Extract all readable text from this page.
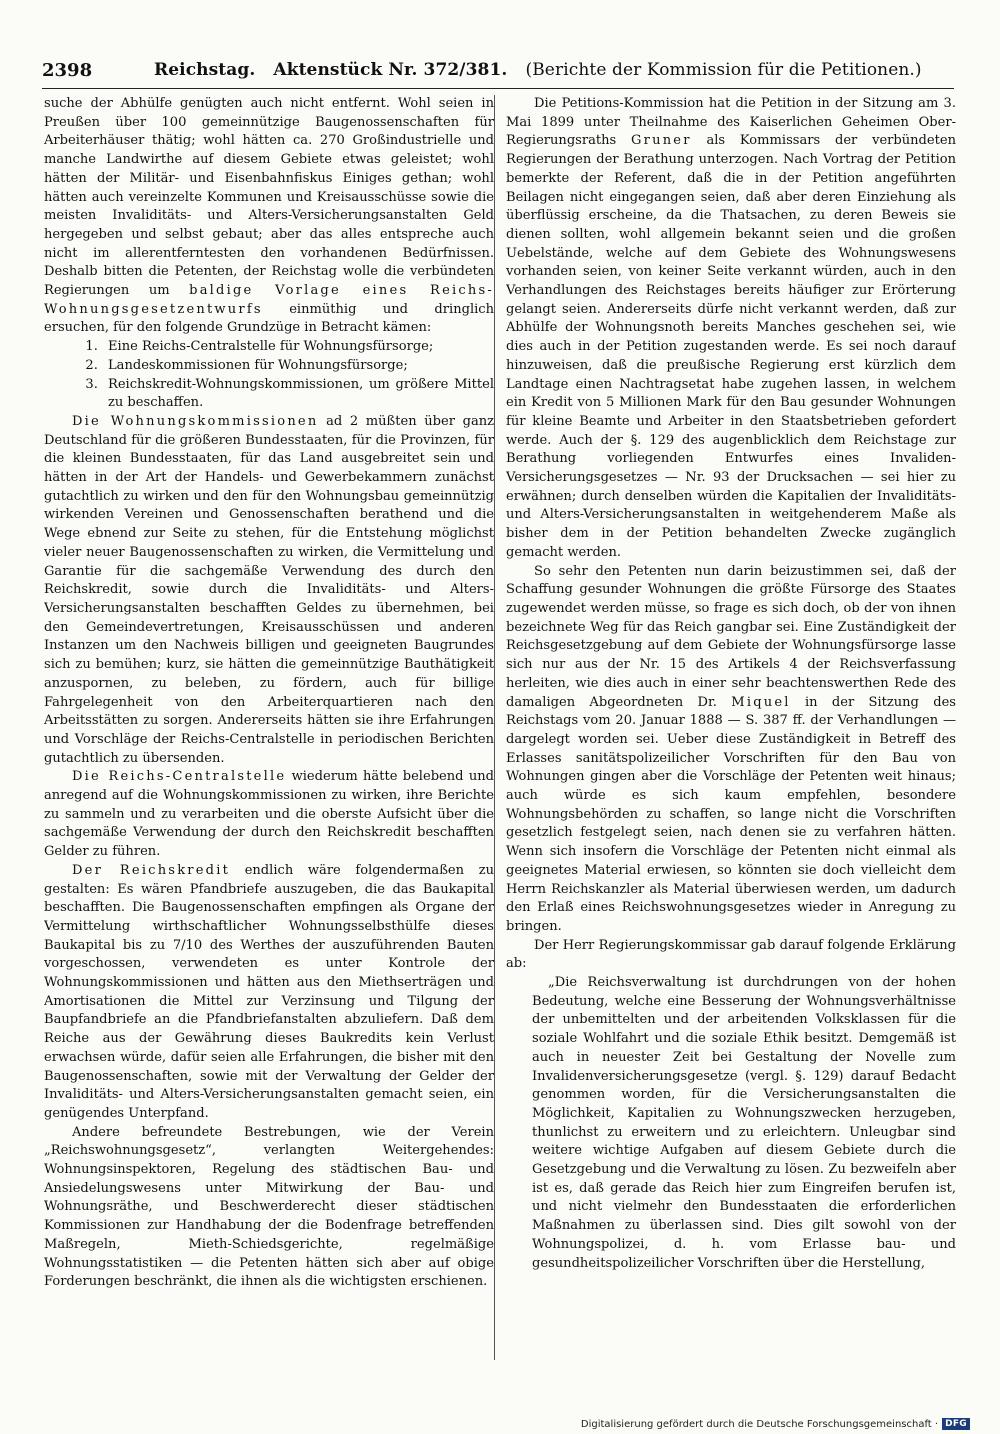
2398	Reichstag. Aktenstück Nr. 372/381. (Berichte der Kommission für die Petitionen.)

suche der Abhülfe genügten auch nicht entfernt. Wohl seien in Preußen über 100 gemeinnützige Baugenossenschaften für Arbeiterhäuser thätig; wohl hätten ca. 270 Großindustrielle und manche Landwirthe auf diesem Gebiete etwas geleistet; wohl hätten der Militär- und Eisenbahnfiskus Einiges gethan; wohl hätten auch vereinzelte Kommunen und Kreisausschüsse sowie die meisten Invaliditäts- und Alters-Versicherungsanstalten Geld hergegeben und selbst gebaut; aber das alles entspreche auch nicht im allerentferntesten den vorhandenen Bedürfnissen. Deshalb bitten die Petenten, der Reichstag wolle die verbündeten Regierungen um baldige Vorlage eines Reichs-Wohnungsgesetzentwurfs einmüthig und dringlich ersuchen, für den folgende Grundzüge in Betracht kämen:

1. Eine Reichs-Centralstelle für Wohnungsfürsorge;
2. Landeskommissionen für Wohnungsfürsorge;
3. Reichskredit-Wohnungskommissionen, um größere Mittel zu beschaffen.

Die Wohnungskommissionen ad 2 müßten über ganz Deutschland für die größeren Bundesstaaten, für die Provinzen, für die kleinen Bundesstaaten, für das Land ausgebreitet sein und hätten in der Art der Handels- und Gewerbekammern zunächst gutachtlich zu wirken und den für den Wohnungsbau gemeinnützig wirkenden Vereinen und Genossenschaften berathend und die Wege ebnend zur Seite zu stehen, für die Entstehung möglichst vieler neuer Baugenossenschaften zu wirken, die Vermittelung und Garantie für die sachgemäße Verwendung des durch den Reichskredit, sowie durch die Invaliditäts- und Alters-Versicherungsanstalten beschafften Geldes zu übernehmen, bei den Gemeindevertretungen, Kreisausschüssen und anderen Instanzen um den Nachweis billigen und geeigneten Baugrundes sich zu bemühen; kurz, sie hätten die gemeinnützige Bauthätigkeit anzuspornen, zu beleben, zu fördern, auch für billige Fahrgelegenheit von den Arbeiterquartieren nach den Arbeitsstätten zu sorgen. Andererseits hätten sie ihre Erfahrungen und Vorschläge der Reichs-Centralstelle in periodischen Berichten gutachtlich zu übersenden.

Die Reichs-Centralstelle wiederum hätte belebend und anregend auf die Wohnungskommissionen zu wirken, ihre Berichte zu sammeln und zu verarbeiten und die oberste Aufsicht über die sachgemäße Verwendung der durch den Reichskredit beschafften Gelder zu führen.

Der Reichskredit endlich wäre folgendermaßen zu gestalten: Es wären Pfandbriefe auszugeben, die das Baukapital beschafften. Die Baugenossenschaften empfingen als Organe der Vermittelung wirthschaftlicher Wohnungsselbsthülfe dieses Baukapital bis zu 7/10 des Werthes der auszuführenden Bauten vorgeschossen, verwendeten es unter Kontrole der Wohnungskommissionen und hätten aus den Miethserträgen und Amortisationen die Mittel zur Verzinsung und Tilgung der Baupfandbriefe an die Pfandbriefanstalten abzuliefern. Daß dem Reiche aus der Gewährung dieses Baukredits kein Verlust erwachsen würde, dafür seien alle Erfahrungen, die bisher mit den Baugenossenschaften, sowie mit der Verwaltung der Gelder der Invaliditäts- und Alters-Versicherungsanstalten gemacht seien, ein genügendes Unterpfand.

Andere befreundete Bestrebungen, wie der Verein „Reichswohnungsgesetz“, verlangten Weitergehendes: Wohnungsinspektoren, Regelung des städtischen Bau- und Ansiedelungswesens unter Mitwirkung der Bau- und Wohnungsräthe, und Beschwerderecht dieser städtischen Kommissionen zur Handhabung der die Bodenfrage betreffenden Maßregeln, Mieth-Schiedsgerichte, regelmäßige Wohnungsstatistiken — die Petenten hätten sich aber auf obige Forderungen beschränkt, die ihnen als die wichtigsten erschienen.

Die Petitions-Kommission hat die Petition in der Sitzung am 3. Mai 1899 unter Theilnahme des Kaiserlichen Geheimen Ober-Regierungsraths Gruner als Kommissars der verbündeten Regierungen der Berathung unterzogen. Nach Vortrag der Petition bemerkte der Referent, daß die in der Petition angeführten Beilagen nicht eingegangen seien, daß aber deren Einziehung als überflüssig erscheine, da die Thatsachen, zu deren Beweis sie dienen sollten, wohl allgemein bekannt seien und die großen Uebelstände, welche auf dem Gebiete des Wohnungswesens vorhanden seien, von keiner Seite verkannt würden, auch in den Verhandlungen des Reichstages bereits häufiger zur Erörterung gelangt seien. Andererseits dürfe nicht verkannt werden, daß zur Abhülfe der Wohnungsnoth bereits Manches geschehen sei, wie dies auch in der Petition zugestanden werde. Es sei noch darauf hinzuweisen, daß die preußische Regierung erst kürzlich dem Landtage einen Nachtragsetat habe zugehen lassen, in welchem ein Kredit von 5 Millionen Mark für den Bau gesunder Wohnungen für kleine Beamte und Arbeiter in den Staatsbetrieben gefordert werde. Auch der §. 129 des augenblicklich dem Reichstage zur Berathung vorliegenden Entwurfes eines Invaliden-Versicherungsgesetzes — Nr. 93 der Drucksachen — sei hier zu erwähnen; durch denselben würden die Kapitalien der Invaliditäts- und Alters-Versicherungsanstalten in weitgehenderem Maße als bisher dem in der Petition behandelten Zwecke zugänglich gemacht werden.

So sehr den Petenten nun darin beizustimmen sei, daß der Schaffung gesunder Wohnungen die größte Fürsorge des Staates zugewendet werden müsse, so frage es sich doch, ob der von ihnen bezeichnete Weg für das Reich gangbar sei. Eine Zuständigkeit der Reichsgesetzgebung auf dem Gebiete der Wohnungsfürsorge lasse sich nur aus der Nr. 15 des Artikels 4 der Reichsverfassung herleiten, wie dies auch in einer sehr beachtenswerthen Rede des damaligen Abgeordneten Dr. Miquel in der Sitzung des Reichstags vom 20. Januar 1888 — S. 387 ff. der Verhandlungen — dargelegt worden sei. Ueber diese Zuständigkeit in Betreff des Erlasses sanitätspolizeilicher Vorschriften für den Bau von Wohnungen gingen aber die Vorschläge der Petenten weit hinaus; auch würde es sich kaum empfehlen, besondere Wohnungsbehörden zu schaffen, so lange nicht die Vorschriften gesetzlich festgelegt seien, nach denen sie zu verfahren hätten. Wenn sich insofern die Vorschläge der Petenten nicht einmal als geeignetes Material erwiesen, so könnten sie doch vielleicht dem Herrn Reichskanzler als Material überwiesen werden, um dadurch den Erlaß eines Reichswohnungsgesetzes wieder in Anregung zu bringen.

Der Herr Regierungskommissar gab darauf folgende Erklärung ab:

„Die Reichsverwaltung ist durchdrungen von der hohen Bedeutung, welche eine Besserung der Wohnungsverhältnisse der unbemittelten und der arbeitenden Volksklassen für die soziale Wohlfahrt und die soziale Ethik besitzt. Demgemäß ist auch in neuester Zeit bei Gestaltung der Novelle zum Invalidenversicherungsgesetze (vergl. §. 129) darauf Bedacht genommen worden, für die Versicherungsanstalten die Möglichkeit, Kapitalien zu Wohnungszwecken herzugeben, thunlichst zu erweitern und zu erleichtern. Unleugbar sind weitere wichtige Aufgaben auf diesem Gebiete durch die Gesetzgebung und die Verwaltung zu lösen. Zu bezweifeln aber ist es, daß gerade das Reich hier zum Eingreifen berufen ist, und nicht vielmehr den Bundesstaaten die erforderlichen Maßnahmen zu überlassen sind. Dies gilt sowohl von der Wohnungspolizei, d. h. vom Erlasse bau- und gesundheitspolizeilicher Vorschriften über die Herstellung,

Digitalisierung gefördert durch die Deutsche Forschungsgemeinschaft · DFG
